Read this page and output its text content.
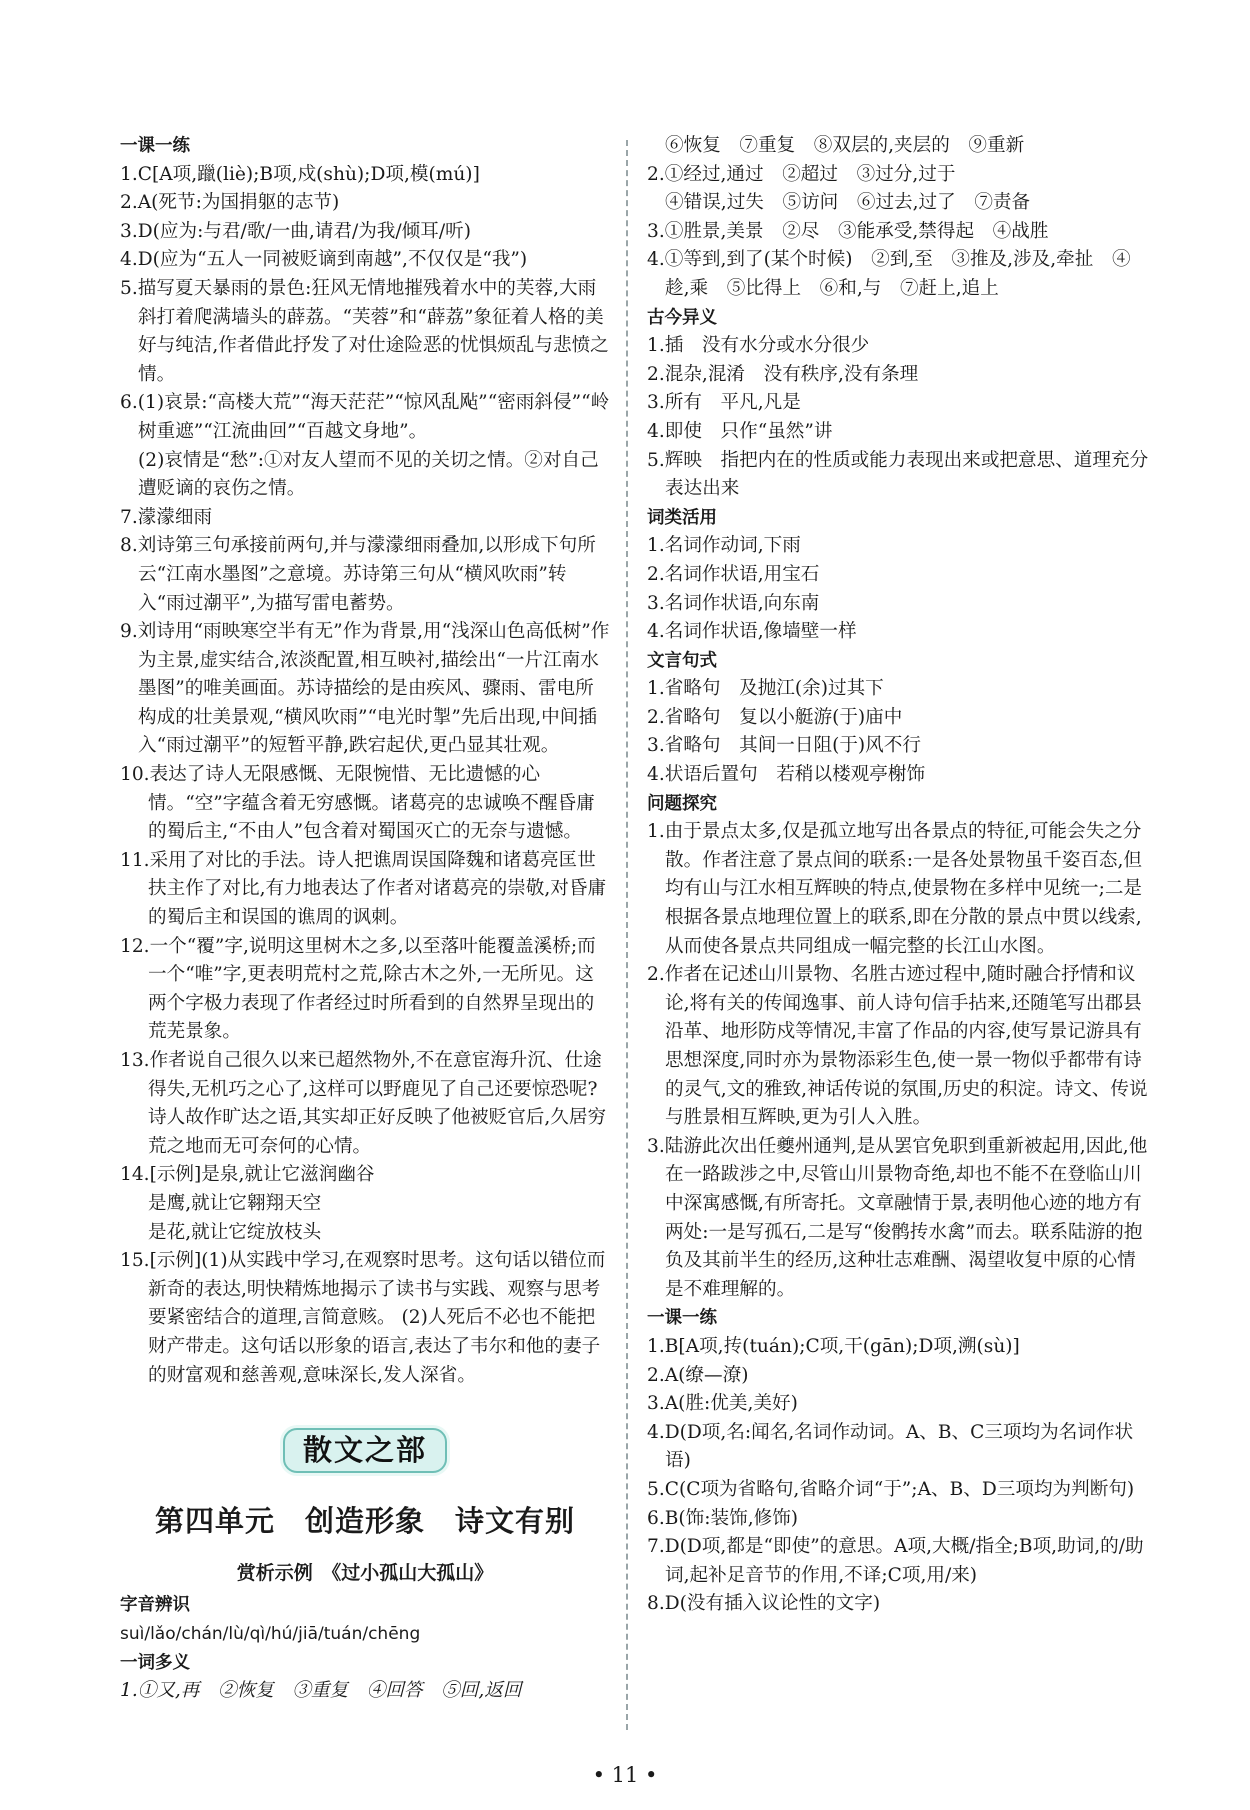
一课一练
1.C[A项,躐(liè);B项,戍(shù);D项,模(mú)]
2.A(死节:为国捐躯的志节)
3.D(应为:与君/歌/一曲,请君/为我/倾耳/听)
4.D(应为“五人一同被贬谪到南越”,不仅仅是“我”)
5.描写夏天暴雨的景色:狂风无情地摧残着水中的芙蓉,大雨斜打着爬满墙头的薜荔。“芙蓉”和“薜荔”象征着人格的美好与纯洁,作者借此抒发了对仕途险恶的忧惧烦乱与悲愤之情。
6.(1)哀景:“高楼大荒”“海天茫茫”“惊风乱飐”“密雨斜侵”“岭树重遮”“江流曲回”“百越文身地”。
(2)哀情是“愁”:①对友人望而不见的关切之情。②对自己遭贬谪的哀伤之情。
7.濛濛细雨
8.刘诗第三句承接前两句,并与濛濛细雨叠加,以形成下句所云“江南水墨图”之意境。苏诗第三句从“横风吹雨”转入“雨过潮平”,为描写雷电蓄势。
9.刘诗用“雨映寒空半有无”作为背景,用“浅深山色高低树”作为主景,虚实结合,浓淡配置,相互映衬,描绘出“一片江南水墨图”的唯美画面。苏诗描绘的是由疾风、骤雨、雷电所构成的壮美景观,“横风吹雨”“电光时掣”先后出现,中间插入“雨过潮平”的短暂平静,跌宕起伏,更凸显其壮观。
10.表达了诗人无限感慨、无限惋惜、无比遗憾的心情。“空”字蕴含着无穷感慨。诸葛亮的忠诚唤不醒昏庸的蜀后主,“不由人”包含着对蜀国灭亡的无奈与遗憾。
11.采用了对比的手法。诗人把谯周误国降魏和诸葛亮匡世扶主作了对比,有力地表达了作者对诸葛亮的崇敬,对昏庸的蜀后主和误国的谯周的讽刺。
12.一个“覆”字,说明这里树木之多,以至落叶能覆盖溪桥;而一个“唯”字,更表明荒村之荒,除古木之外,一无所见。这两个字极力表现了作者经过时所看到的自然界呈现出的荒芜景象。
13.作者说自己很久以来已超然物外,不在意宦海升沉、仕途得失,无机巧之心了,这样可以野鹿见了自己还要惊恐呢?诗人故作旷达之语,其实却正好反映了他被贬官后,久居穷荒之地而无可奈何的心情。
14.[示例]是泉,就让它滋润幽谷
是鹰,就让它翱翔天空
是花,就让它绽放枝头
15.[示例](1)从实践中学习,在观察时思考。这句话以错位而新奇的表达,明快精炼地揭示了读书与实践、观察与思考要紧密结合的道理,言简意赅。 (2)人死后不必也不能把财产带走。这句话以形象的语言,表达了韦尔和他的妻子的财富观和慈善观,意味深长,发人深省。
散文之部
第四单元　创造形象　诗文有别
赏析示例　《过小孤山大孤山》
字音辨识
suì/lǎo/chán/lù/qì/hú/jiā/tuán/chēng
一词多义
1.①又,再　②恢复　③重复　④回答　⑤回,返回
⑥恢复　⑦重复　⑧双层的,夹层的　⑨重新
2.①经过,通过　②超过　③过分,过于
④错误,过失　⑤访问　⑥过去,过了　⑦责备
3.①胜景,美景　②尽　③能承受,禁得起　④战胜
4.①等到,到了(某个时候)　②到,至　③推及,涉及,牵扯　④趁,乘　⑤比得上　⑥和,与　⑦赶上,追上
古今异义
1.插　没有水分或水分很少
2.混杂,混淆　没有秩序,没有条理
3.所有　平凡,凡是
4.即使　只作“虽然”讲
5.辉映　指把内在的性质或能力表现出来或把意思、道理充分表达出来
词类活用
1.名词作动词,下雨
2.名词作状语,用宝石
3.名词作状语,向东南
4.名词作状语,像墙壁一样
文言句式
1.省略句　及抛江(余)过其下
2.省略句　复以小艇游(于)庙中
3.省略句　其间一日阻(于)风不行
4.状语后置句　若稍以楼观亭榭饰
问题探究
1.由于景点太多,仅是孤立地写出各景点的特征,可能会失之分散。作者注意了景点间的联系:一是各处景物虽千姿百态,但均有山与江水相互辉映的特点,使景物在多样中见统一;二是根据各景点地理位置上的联系,即在分散的景点中贯以线索,从而使各景点共同组成一幅完整的长江山水图。
2.作者在记述山川景物、名胜古迹过程中,随时融合抒情和议论,将有关的传闻逸事、前人诗句信手拈来,还随笔写出郡县沿革、地形防戍等情况,丰富了作品的内容,使写景记游具有思想深度,同时亦为景物添彩生色,使一景一物似乎都带有诗的灵气,文的雅致,神话传说的氛围,历史的积淀。诗文、传说与胜景相互辉映,更为引人入胜。
3.陆游此次出任夔州通判,是从罢官免职到重新被起用,因此,他在一路跋涉之中,尽管山川景物奇绝,却也不能不在登临山川中深寓感慨,有所寄托。文章融情于景,表明他心迹的地方有两处:一是写孤石,二是写“俊鹘抟水禽”而去。联系陆游的抱负及其前半生的经历,这种壮志难酬、渴望收复中原的心情是不难理解的。
一课一练
1.B[A项,抟(tuán);C项,干(gān);D项,溯(sù)]
2.A(缭—潦)
3.A(胜:优美,美好)
4.D(D项,名:闻名,名词作动词。A、B、C三项均为名词作状语)
5.C(C项为省略句,省略介词“于”;A、B、D三项均为判断句)
6.B(饰:装饰,修饰)
7.D(D项,都是“即使”的意思。A项,大概/指全;B项,助词,的/助词,起补足音节的作用,不译;C项,用/来)
8.D(没有插入议论性的文字)
• 11 •
